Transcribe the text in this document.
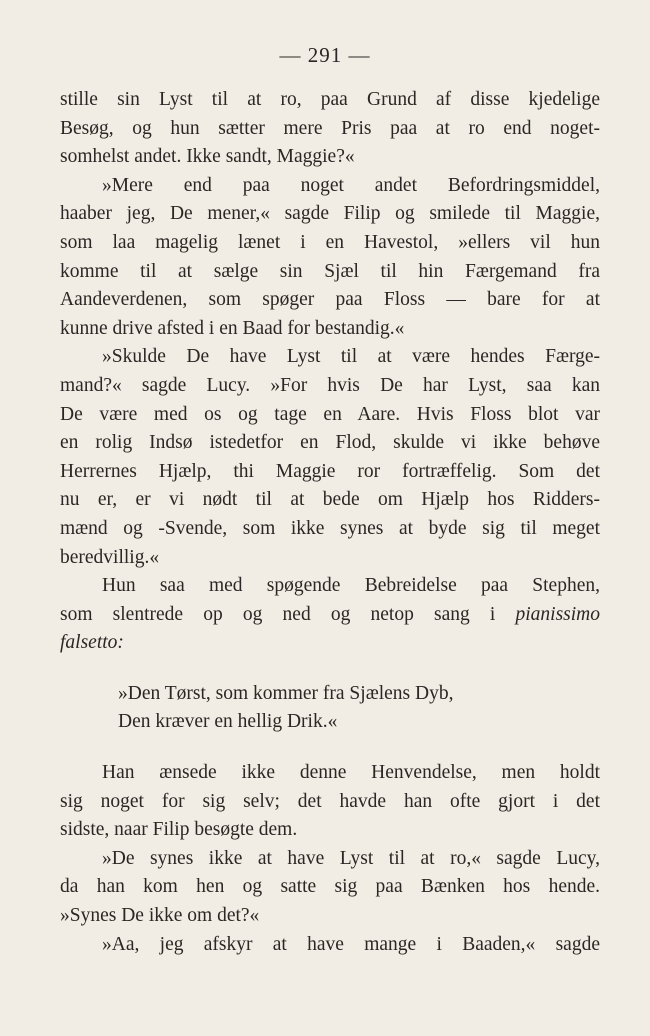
— 291 —
stille sin Lyst til at ro, paa Grund af disse kjedelige
Besøg, og hun sætter mere Pris paa at ro end noget-
somhelst andet. Ikke sandt, Maggie?«
»Mere end paa noget andet Befordringsmiddel,
haaber jeg, De mener,« sagde Filip og smilede til Maggie,
som laa magelig lænet i en Havestol, »ellers vil hun
komme til at sælge sin Sjæl til hin Færgemand fra
Aandeverdenen, som spøger paa Floss — bare for at
kunne drive afsted i en Baad for bestandig.«
»Skulde De have Lyst til at være hendes Færge-
mand?« sagde Lucy. »For hvis De har Lyst, saa kan
De være med os og tage en Aare. Hvis Floss blot var
en rolig Indsø istedetfor en Flod, skulde vi ikke behøve
Herrernes Hjælp, thi Maggie ror fortræffelig. Som det
nu er, er vi nødt til at bede om Hjælp hos Ridders-
mænd og -Svende, som ikke synes at byde sig til meget
beredvillig.«
Hun saa med spøgende Bebreidelse paa Stephen,
som slentrede op og ned og netop sang i pianissimo
falsetto:
»Den Tørst, som kommer fra Sjælens Dyb,
Den kræver en hellig Drik.«
Han ænsede ikke denne Henvendelse, men holdt
sig noget for sig selv; det havde han ofte gjort i det
sidste, naar Filip besøgte dem.
»De synes ikke at have Lyst til at ro,« sagde Lucy,
da han kom hen og satte sig paa Bænken hos hende.
»Synes De ikke om det?«
»Aa, jeg afskyr at have mange i Baaden,« sagde
